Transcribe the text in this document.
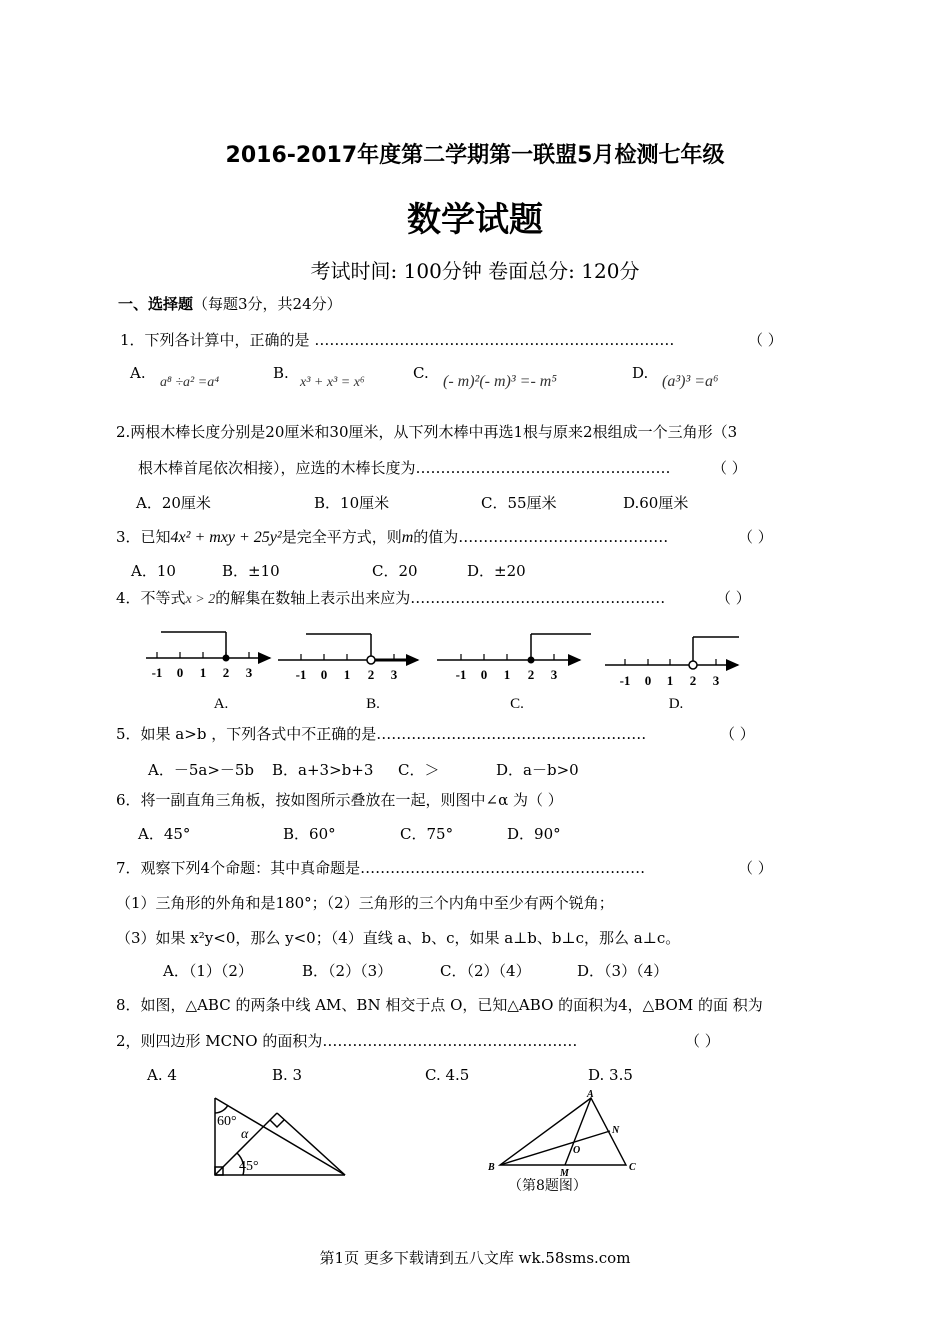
2016-2017年度第二学期第一联盟5月检测七年级
数学试题
考试时间: 100分钟 卷面总分: 120分
一、选择题（每题3分，共24分）
1．下列各计算中，正确的是 ………………………………………………………………	（ ）
A.
a⁸ ÷a² =a⁴
B.
x³ + x³ = x⁶
C. (- m)²(- m)³ =- m⁵	D. (a³)³ =a⁶
2.两根木棒长度分别是20厘米和30厘米，从下列木棒中再选1根与原来2根组成一个三角形（3
根木棒首尾依次相接），应选的木棒长度为……………………………………………	（ ）
A．20厘米	B．10厘米	C．55厘米	D.60厘米
3．已知4x² + mxy + 25y²是完全平方式，则m的值为……………………………………	（ ）
A．10	B．±10	C．20	D．±20
4．不等式x > 2的解集在数轴上表示出来应为……………………………………………	（ ）
-1 0 1 2 3	-1 0 1 2 3	-1 0 1 2 3	-1 0 1 2 3
A.	B.	C.	D.
5．如果 a>b ，下列各式中不正确的是………………………………………………	（ ）
A．－5a>－5b B．a+3>b+3 C．＞	D．a－b>0
6．将一副直角三角板，按如图所示叠放在一起，则图中∠α 为（ ）
A．45°	B．60°	C．75°	D．90°
7．观察下列4个命题：其中真命题是…………………………………………………	（ ）
（1）三角形的外角和是180°；（2）三角形的三个内角中至少有两个锐角；
（3）如果 x²y<0，那么 y<0；（4）直线 a、b、c，如果 a⊥b、b⊥c，那么 a⊥c。
A．（1）（2）	B．（2）（3）	C．（2）（4）	D．（3）（4）
8．如图，△ABC 的两条中线 AM、BN 相交于点 O，已知△ABO 的面积为4，△BOM 的面 积为
2，则四边形 MCNO 的面积为……………………………………………	（ ）
A. 4	B. 3	C. 4.5	D. 3.5
60°
α
45°
A
B	C
M
N
O
（第8题图）
第1页 更多下载请到五八文库 wk.58sms.com
